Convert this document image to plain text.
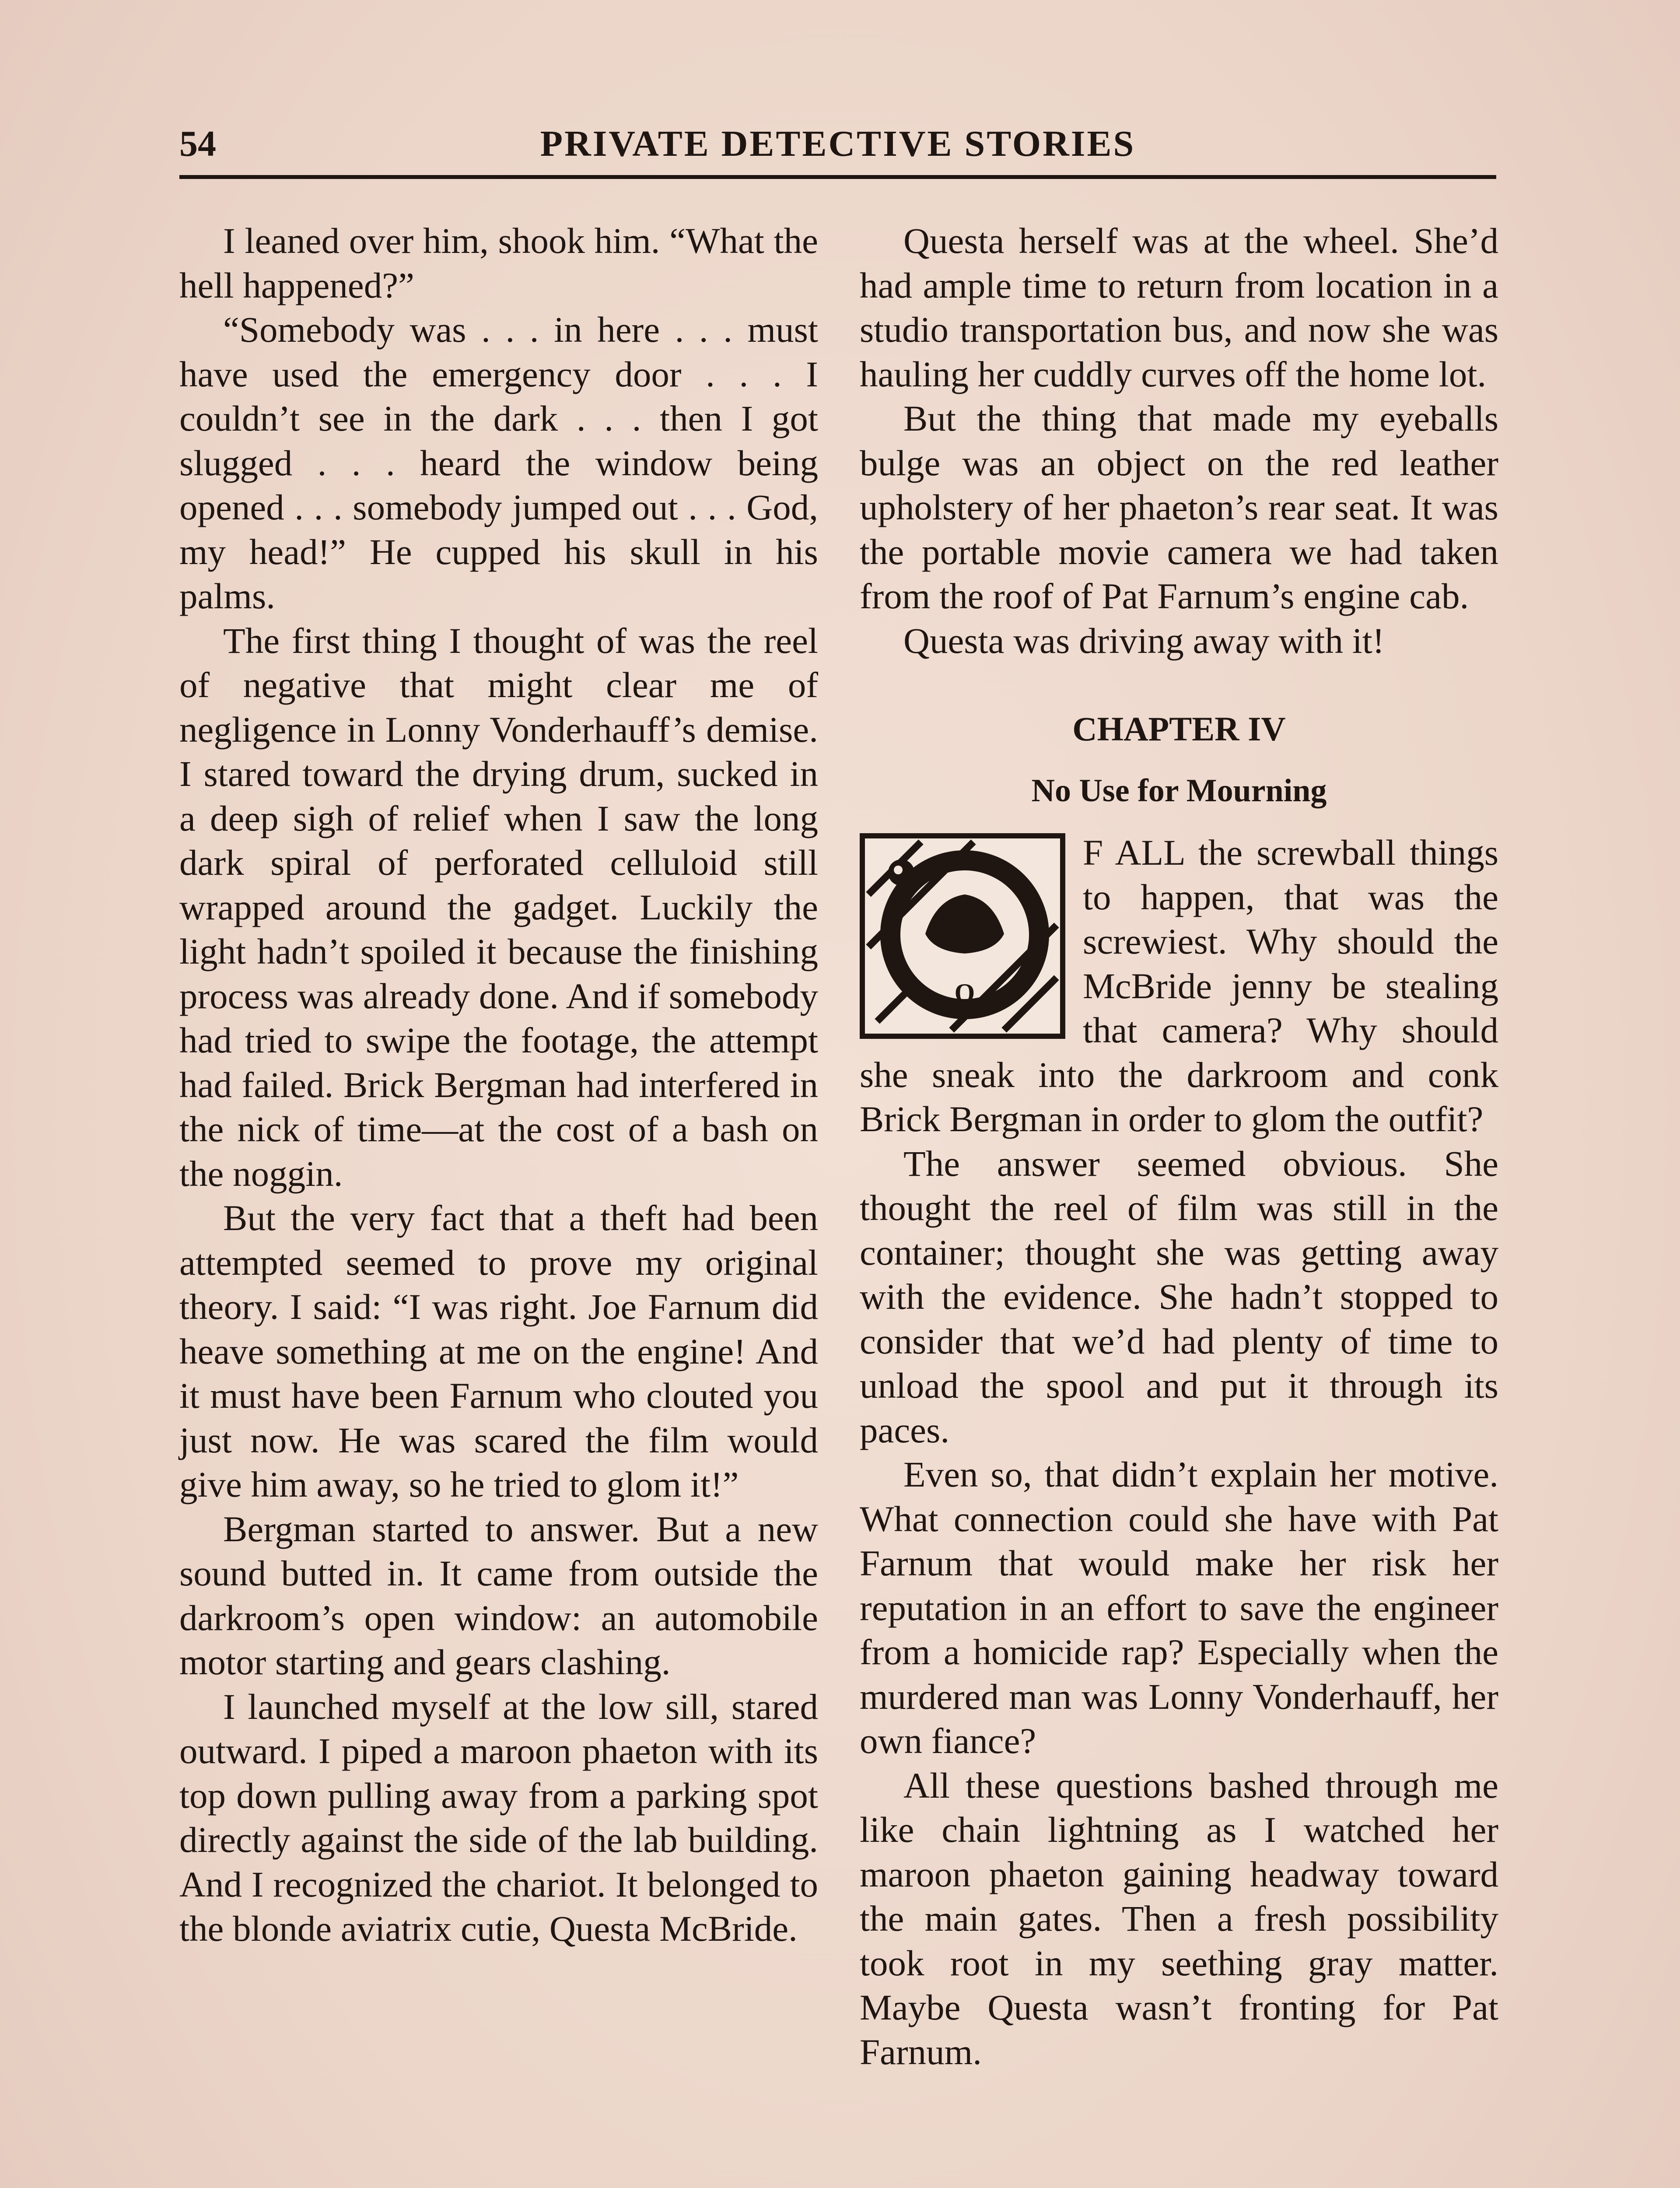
54	PRIVATE DETECTIVE STORIES

I leaned over him, shook him. “What the hell happened?”

“Somebody was . . . in here . . . must have used the emergency door . . . I couldn’t see in the dark . . . then I got slugged . . . heard the window being opened . . . somebody jumped out . . . God, my head!” He cupped his skull in his palms.

The first thing I thought of was the reel of negative that might clear me of negligence in Lonny Vonderhauff’s demise. I stared toward the drying drum, sucked in a deep sigh of relief when I saw the long dark spiral of perforated celluloid still wrapped around the gadget. Luckily the light hadn’t spoiled it because the finishing process was already done. And if somebody had tried to swipe the footage, the attempt had failed. Brick Bergman had interfered in the nick of time—at the cost of a bash on the noggin.

But the very fact that a theft had been attempted seemed to prove my original theory. I said: “I was right. Joe Farnum did heave something at me on the engine! And it must have been Farnum who clouted you just now. He was scared the film would give him away, so he tried to glom it!”

Bergman started to answer. But a new sound butted in. It came from outside the darkroom’s open window: an automobile motor starting and gears clashing.

I launched myself at the low sill, stared outward. I piped a maroon phaeton with its top down pulling away from a parking spot directly against the side of the lab building. And I recognized the chariot. It belonged to the blonde aviatrix cutie, Questa McBride.

Questa herself was at the wheel. She’d had ample time to return from location in a studio transportation bus, and now she was hauling her cuddly curves off the home lot.

But the thing that made my eyeballs bulge was an object on the red leather upholstery of her phaeton’s rear seat. It was the portable movie camera we had taken from the roof of Pat Farnum’s engine cab.

Questa was driving away with it!

CHAPTER IV
No Use for Mourning
O

F ALL the screwball things to happen, that was the screwiest. Why should the McBride jenny be stealing that camera? Why should she sneak into the darkroom and conk Brick Bergman in order to glom the outfit?

The answer seemed obvious. She thought the reel of film was still in the container; thought she was getting away with the evidence. She hadn’t stopped to consider that we’d had plenty of time to unload the spool and put it through its paces.

Even so, that didn’t explain her motive. What connection could she have with Pat Farnum that would make her risk her reputation in an effort to save the engineer from a homicide rap? Especially when the murdered man was Lonny Vonderhauff, her own fiance?

All these questions bashed through me like chain lightning as I watched her maroon phaeton gaining headway toward the main gates. Then a fresh possibility took root in my seething gray matter. Maybe Questa wasn’t fronting for Pat Farnum.
